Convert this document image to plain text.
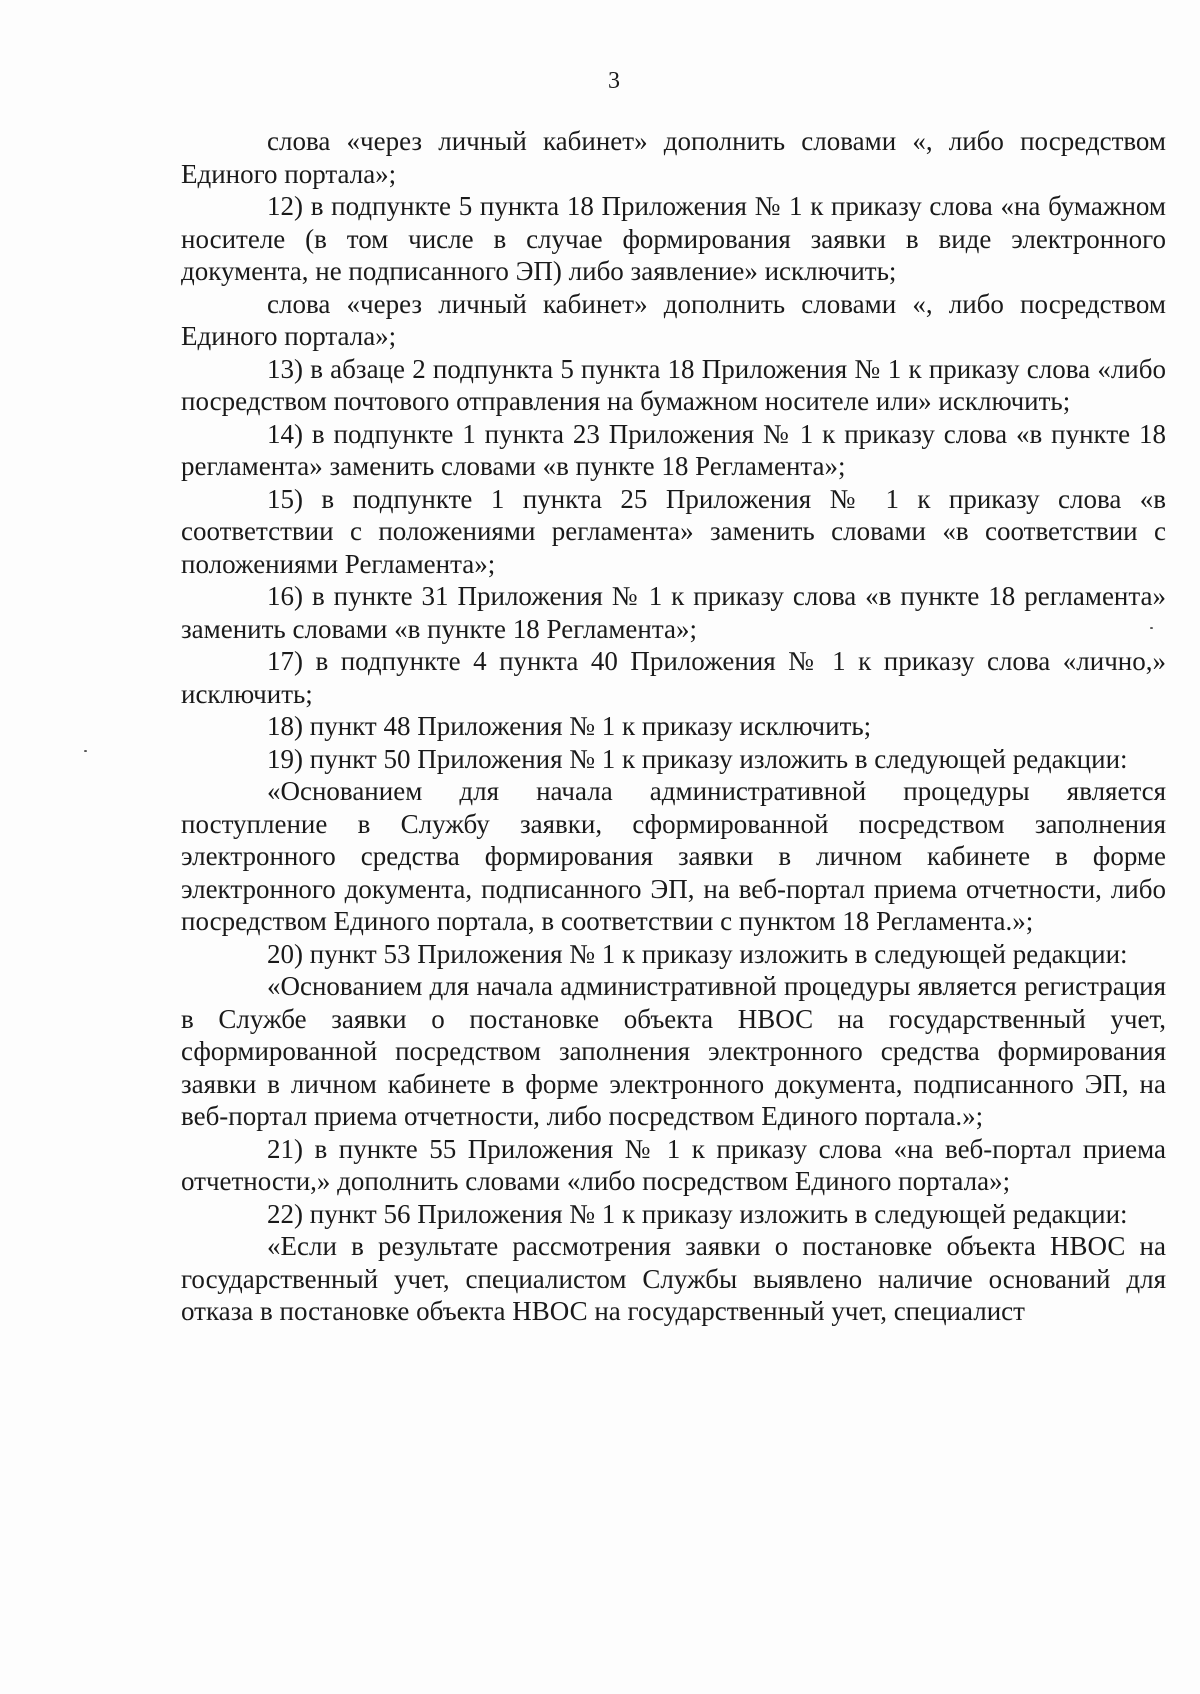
3

слова «через личный кабинет» дополнить словами «, либо посредством Единого портала»;

12) в подпункте 5 пункта 18 Приложения № 1 к приказу слова «на бумажном носителе (в том числе в случае формирования заявки в виде электронного документа, не подписанного ЭП) либо заявление» исключить;

слова «через личный кабинет» дополнить словами «, либо посредством Единого портала»;

13) в абзаце 2 подпункта 5 пункта 18 Приложения № 1 к приказу слова «либо посредством почтового отправления на бумажном носителе или» исключить;

14) в подпункте 1 пункта 23 Приложения № 1 к приказу слова «в пункте 18 регламента» заменить словами «в пункте 18 Регламента»;

15) в подпункте 1 пункта 25 Приложения № 1 к приказу слова «в соответствии с положениями регламента» заменить словами «в соответствии с положениями Регламента»;

16) в пункте 31 Приложения № 1 к приказу слова «в пункте 18 регламента» заменить словами «в пункте 18 Регламента»;

17) в подпункте 4 пункта 40 Приложения № 1 к приказу слова «лично,» исключить;

18) пункт 48 Приложения № 1 к приказу исключить;

19) пункт 50 Приложения № 1 к приказу изложить в следующей редакции:

«Основанием для начала административной процедуры является поступление в Службу заявки, сформированной посредством заполнения электронного средства формирования заявки в личном кабинете в форме электронного документа, подписанного ЭП, на веб-портал приема отчетности, либо посредством Единого портала, в соответствии с пунктом 18 Регламента.»;

20) пункт 53 Приложения № 1 к приказу изложить в следующей редакции:

«Основанием для начала административной процедуры является регистрация в Службе заявки о постановке объекта НВОС на государственный учет, сформированной посредством заполнения электронного средства формирования заявки в личном кабинете в форме электронного документа, подписанного ЭП, на веб-портал приема отчетности, либо посредством Единого портала.»;

21) в пункте 55 Приложения № 1 к приказу слова «на веб-портал приема отчетности,» дополнить словами «либо посредством Единого портала»;

22) пункт 56 Приложения № 1 к приказу изложить в следующей редакции:

«Если в результате рассмотрения заявки о постановке объекта НВОС на государственный учет, специалистом Службы выявлено наличие оснований для отказа в постановке объекта НВОС на государственный учет, специалист
